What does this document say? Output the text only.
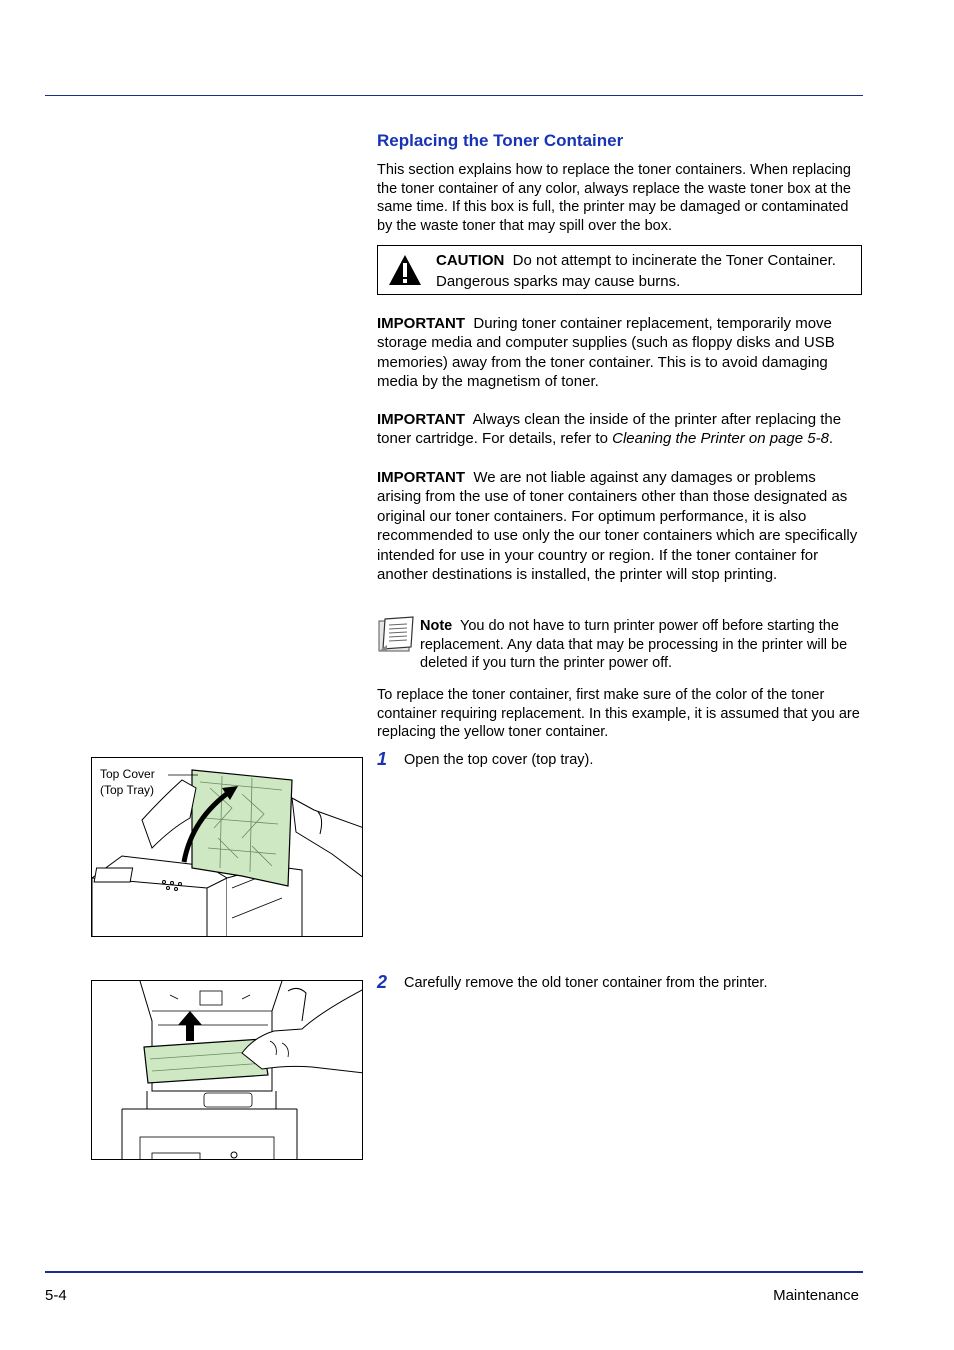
Replacing the Toner Container

This section explains how to replace the toner containers. When replacing the toner container of any color, always replace the waste toner box at the same time. If this box is full, the printer may be damaged or contaminated by the waste toner that may spill over the box.

CAUTION Do not attempt to incinerate the Toner Container. Dangerous sparks may cause burns.

IMPORTANT During toner container replacement, temporarily move storage media and computer supplies (such as floppy disks and USB memories) away from the toner container. This is to avoid damaging media by the magnetism of toner.

IMPORTANT Always clean the inside of the printer after replacing the toner cartridge. For details, refer to Cleaning the Printer on page 5-8.

IMPORTANT We are not liable against any damages or problems arising from the use of toner containers other than those designated as original our toner containers. For optimum performance, it is also recommended to use only the our toner containers which are specifically intended for use in your country or region. If the toner container for another destinations is installed, the printer will stop printing.

Note You do not have to turn printer power off before starting the replacement. Any data that may be processing in the printer will be deleted if you turn the printer power off.

To replace the toner container, first make sure of the color of the toner container requiring replacement. In this example, it is assumed that you are replacing the yellow toner container.

Top Cover
(Top Tray)
1 Open the top cover (top tray).
2 Carefully remove the old toner container from the printer.
5-4	Maintenance
